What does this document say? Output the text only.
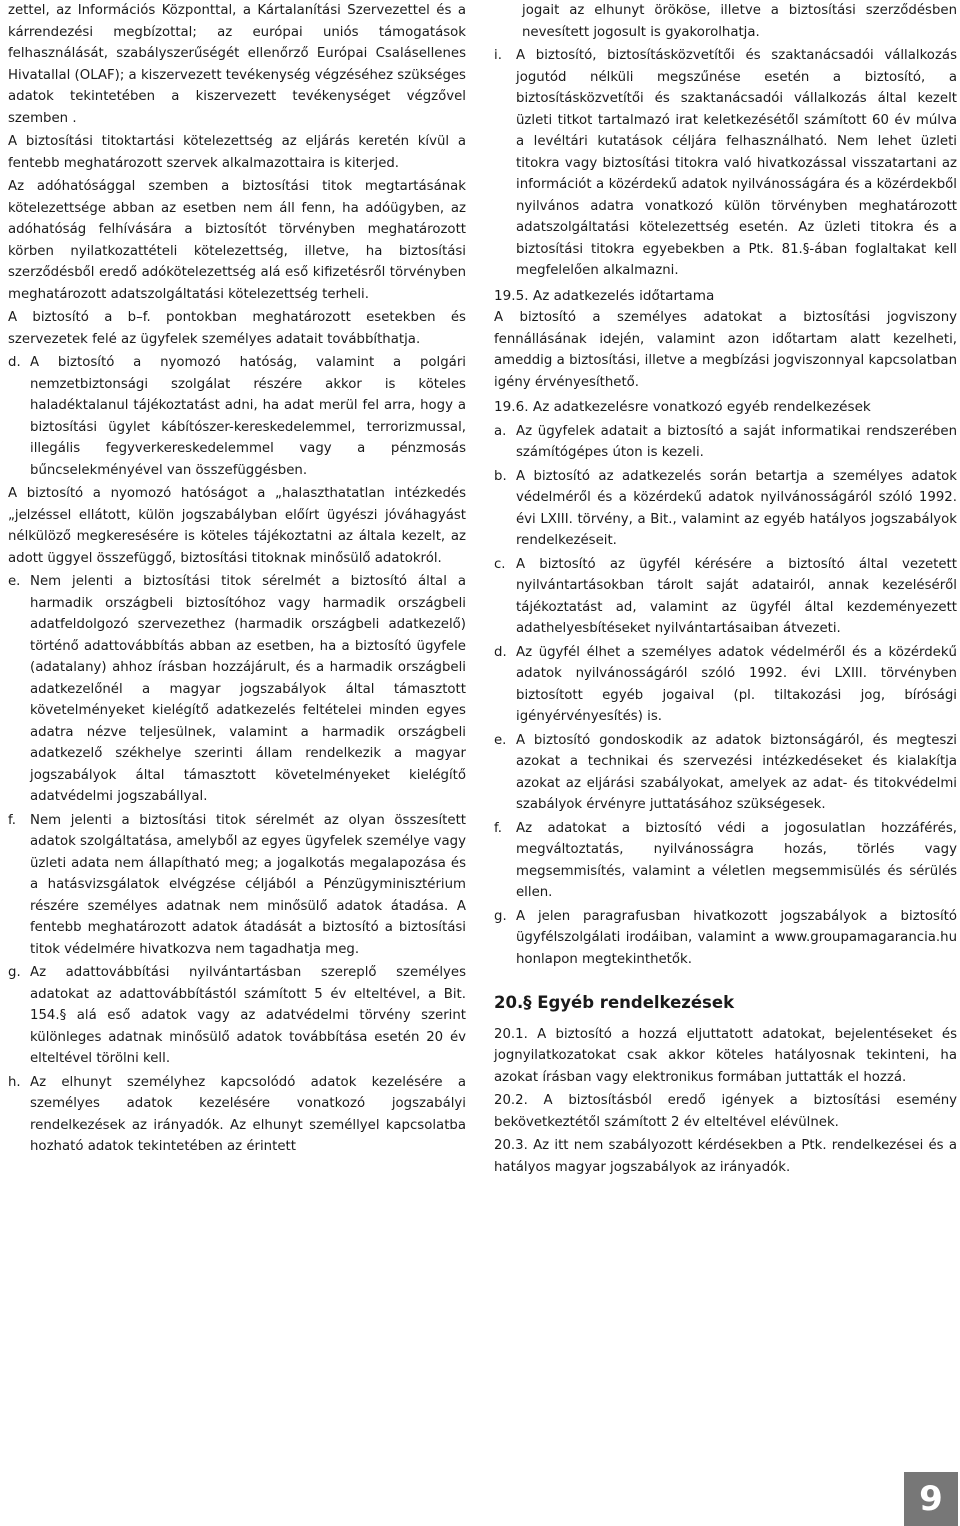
zettel, az Információs Központtal, a Kártalanítási Szervezettel és a kárrendezési megbízottal; az európai uniós támogatások felhasználását, szabályszerűségét ellenőrző Európai Csalásellenes Hivatallal (OLAF); a kiszervezett tevékenység végzéséhez szükséges adatok tekintetében a kiszervezett tevékenységet végzővel szemben .

A biztosítási titoktartási kötelezettség az eljárás keretén kívül a fentebb meghatározott szervek alkalmazottaira is kiterjed.

Az adóhatósággal szemben a biztosítási titok megtartásának kötelezettsége abban az esetben nem áll fenn, ha adóügyben, az adóhatóság felhívására a biztosítót törvényben meghatározott körben nyilatkozattételi kötelezettség, illetve, ha biztosítási szerződésből eredő adókötelezettség alá eső kifizetésről törvényben meghatározott adatszolgáltatási kötelezettség terheli.

A biztosító a b–f. pontokban meghatározott esetekben és szervezetek felé az ügyfelek személyes adatait továbbíthatja.

d. A biztosító a nyomozó hatóság, valamint a polgári nemzetbiztonsági szolgálat részére akkor is köteles haladéktalanul tájékoztatást adni, ha adat merül fel arra, hogy a biztosítási ügylet kábítószer-kereskedelemmel, terrorizmussal, illegális fegyverkereskedelemmel vagy a pénzmosás bűncselekményével van összefüggésben.

A biztosító a nyomozó hatóságot a „halaszthatatlan intézkedés „jelzéssel ellátott, külön jogszabályban előírt ügyészi jóváhagyást nélkülöző megkeresésére is köteles tájékoztatni az általa kezelt, az adott üggyel összefüggő, biztosítási titoknak minősülő adatokról.

e. Nem jelenti a biztosítási titok sérelmét a biztosító által a harmadik országbeli biztosítóhoz vagy harmadik országbeli adatfeldolgozó szervezethez (harmadik országbeli adatkezelő) történő adattovábbítás abban az esetben, ha a biztosító ügyfele (adatalany) ahhoz írásban hozzájárult, és a harmadik országbeli adatkezelőnél a magyar jogszabályok által támasztott követelményeket kielégítő adatkezelés feltételei minden egyes adatra nézve teljesülnek, valamint a harmadik országbeli adatkezelő székhelye szerinti állam rendelkezik a magyar jogszabályok által támasztott követelményeket kielégítő adatvédelmi jogszabállyal.
f.	Nem jelenti a biztosítási titok sérelmét az olyan összesített adatok szolgáltatása, amelyből az egyes ügyfelek személye vagy üzleti adata nem állapítható meg; a jogalkotás megalapozása és a hatásvizsgálatok elvégzése céljából a Pénzügyminisztérium részére személyes adatnak nem minősülő adatok átadása. A fentebb meghatározott adatok átadását a biztosító a biztosítási titok védelmére hivatkozva nem tagadhatja meg.
g. Az adattovábbítási nyilvántartásban szereplő személyes adatokat az adattovábbítástól számított 5 év elteltével, a Bit. 154.§ alá eső adatok vagy az adatvédelmi törvény szerint különleges adatnak minősülő adatok továbbítása esetén 20 év elteltével törölni kell.
h. Az elhunyt személyhez kapcsolódó adatok kezelésére a személyes adatok kezelésére vonatkozó jogszabályi rendelkezések az irányadók. Az elhunyt személlyel kapcsolatba hozható adatok tekintetében az érintett

jogait az elhunyt örököse, illetve a biztosítási szerződésben nevesített jogosult is gyakorolhatja.

i.	A biztosító, biztosításközvetítői és szaktanácsadói vállalkozás jogutód nélküli megszűnése esetén a biztosító, a biztosításközvetítői és szaktanácsadói vállalkozás által kezelt üzleti titkot tartalmazó irat keletkezésétől számított 60 év múlva a levéltári kutatások céljára felhasználható. Nem lehet üzleti titokra vagy biztosítási titokra való hivatkozással visszatartani az információt a közérdekű adatok nyilvánosságára és a közérdekből nyilvános adatra vonatkozó külön törvényben meghatározott adatszolgáltatási kötelezettség esetén. Az üzleti titokra és a biztosítási titokra egyebekben a Ptk. 81.§-ában foglaltakat kell megfelelően alkalmazni.
19.5. Az adatkezelés időtartama

A biztosító a személyes adatokat a biztosítási jogviszony fennállásának idején, valamint azon időtartam alatt kezelheti, ameddig a biztosítási, illetve a megbízási jogviszonnyal kapcsolatban igény érvényesíthető.

19.6. Az adatkezelésre vonatkozó egyéb rendelkezések
a. Az ügyfelek adatait a biztosító a saját informatikai rendszerében számítógépes úton is kezeli.
b. A biztosító az adatkezelés során betartja a személyes adatok védelméről és a közérdekű adatok nyilvánosságáról szóló 1992. évi LXIII. törvény, a Bit., valamint az egyéb hatályos jogszabályok rendelkezéseit.
c. A biztosító az ügyfél kérésére a biztosító által vezetett nyilvántartásokban tárolt saját adatairól, annak kezeléséről tájékoztatást ad, valamint az ügyfél által kezdeményezett adathelyesbítéseket nyilvántartásaiban átvezeti.
d. Az ügyfél élhet a személyes adatok védelméről és a közérdekű adatok nyilvánosságáról szóló 1992. évi LXIII. törvényben biztosított egyéb jogaival (pl. tiltakozási jog, bírósági igényérvényesítés) is.
e. A biztosító gondoskodik az adatok biztonságáról, és megteszi azokat a technikai és szervezési intézkedéseket és kialakítja azokat az eljárási szabályokat, amelyek az adat- és titokvédelmi szabályok érvényre juttatásához szükségesek.
f.	Az adatokat a biztosító védi a jogosulatlan hozzáférés, megváltoztatás, nyilvánosságra hozás, törlés vagy megsemmisítés, valamint a véletlen megsemmisülés és sérülés ellen.
g. A jelen paragrafusban hivatkozott jogszabályok a biztosító ügyfélszolgálati irodáiban, valamint a www.groupamagarancia.hu honlapon megtekinthetők.
20.§ Egyéb rendelkezések

20.1. A biztosító a hozzá eljuttatott adatokat, bejelentéseket és jognyilatkozatokat csak akkor köteles hatályosnak tekinteni, ha azokat írásban vagy elektronikus formában juttatták el hozzá.

20.2. A biztosításból eredő igények a biztosítási esemény bekövetkeztétől számított 2 év elteltével elévülnek.

20.3. Az itt nem szabályozott kérdésekben a Ptk. rendelkezései és a hatályos magyar jogszabályok az irányadók.

9
